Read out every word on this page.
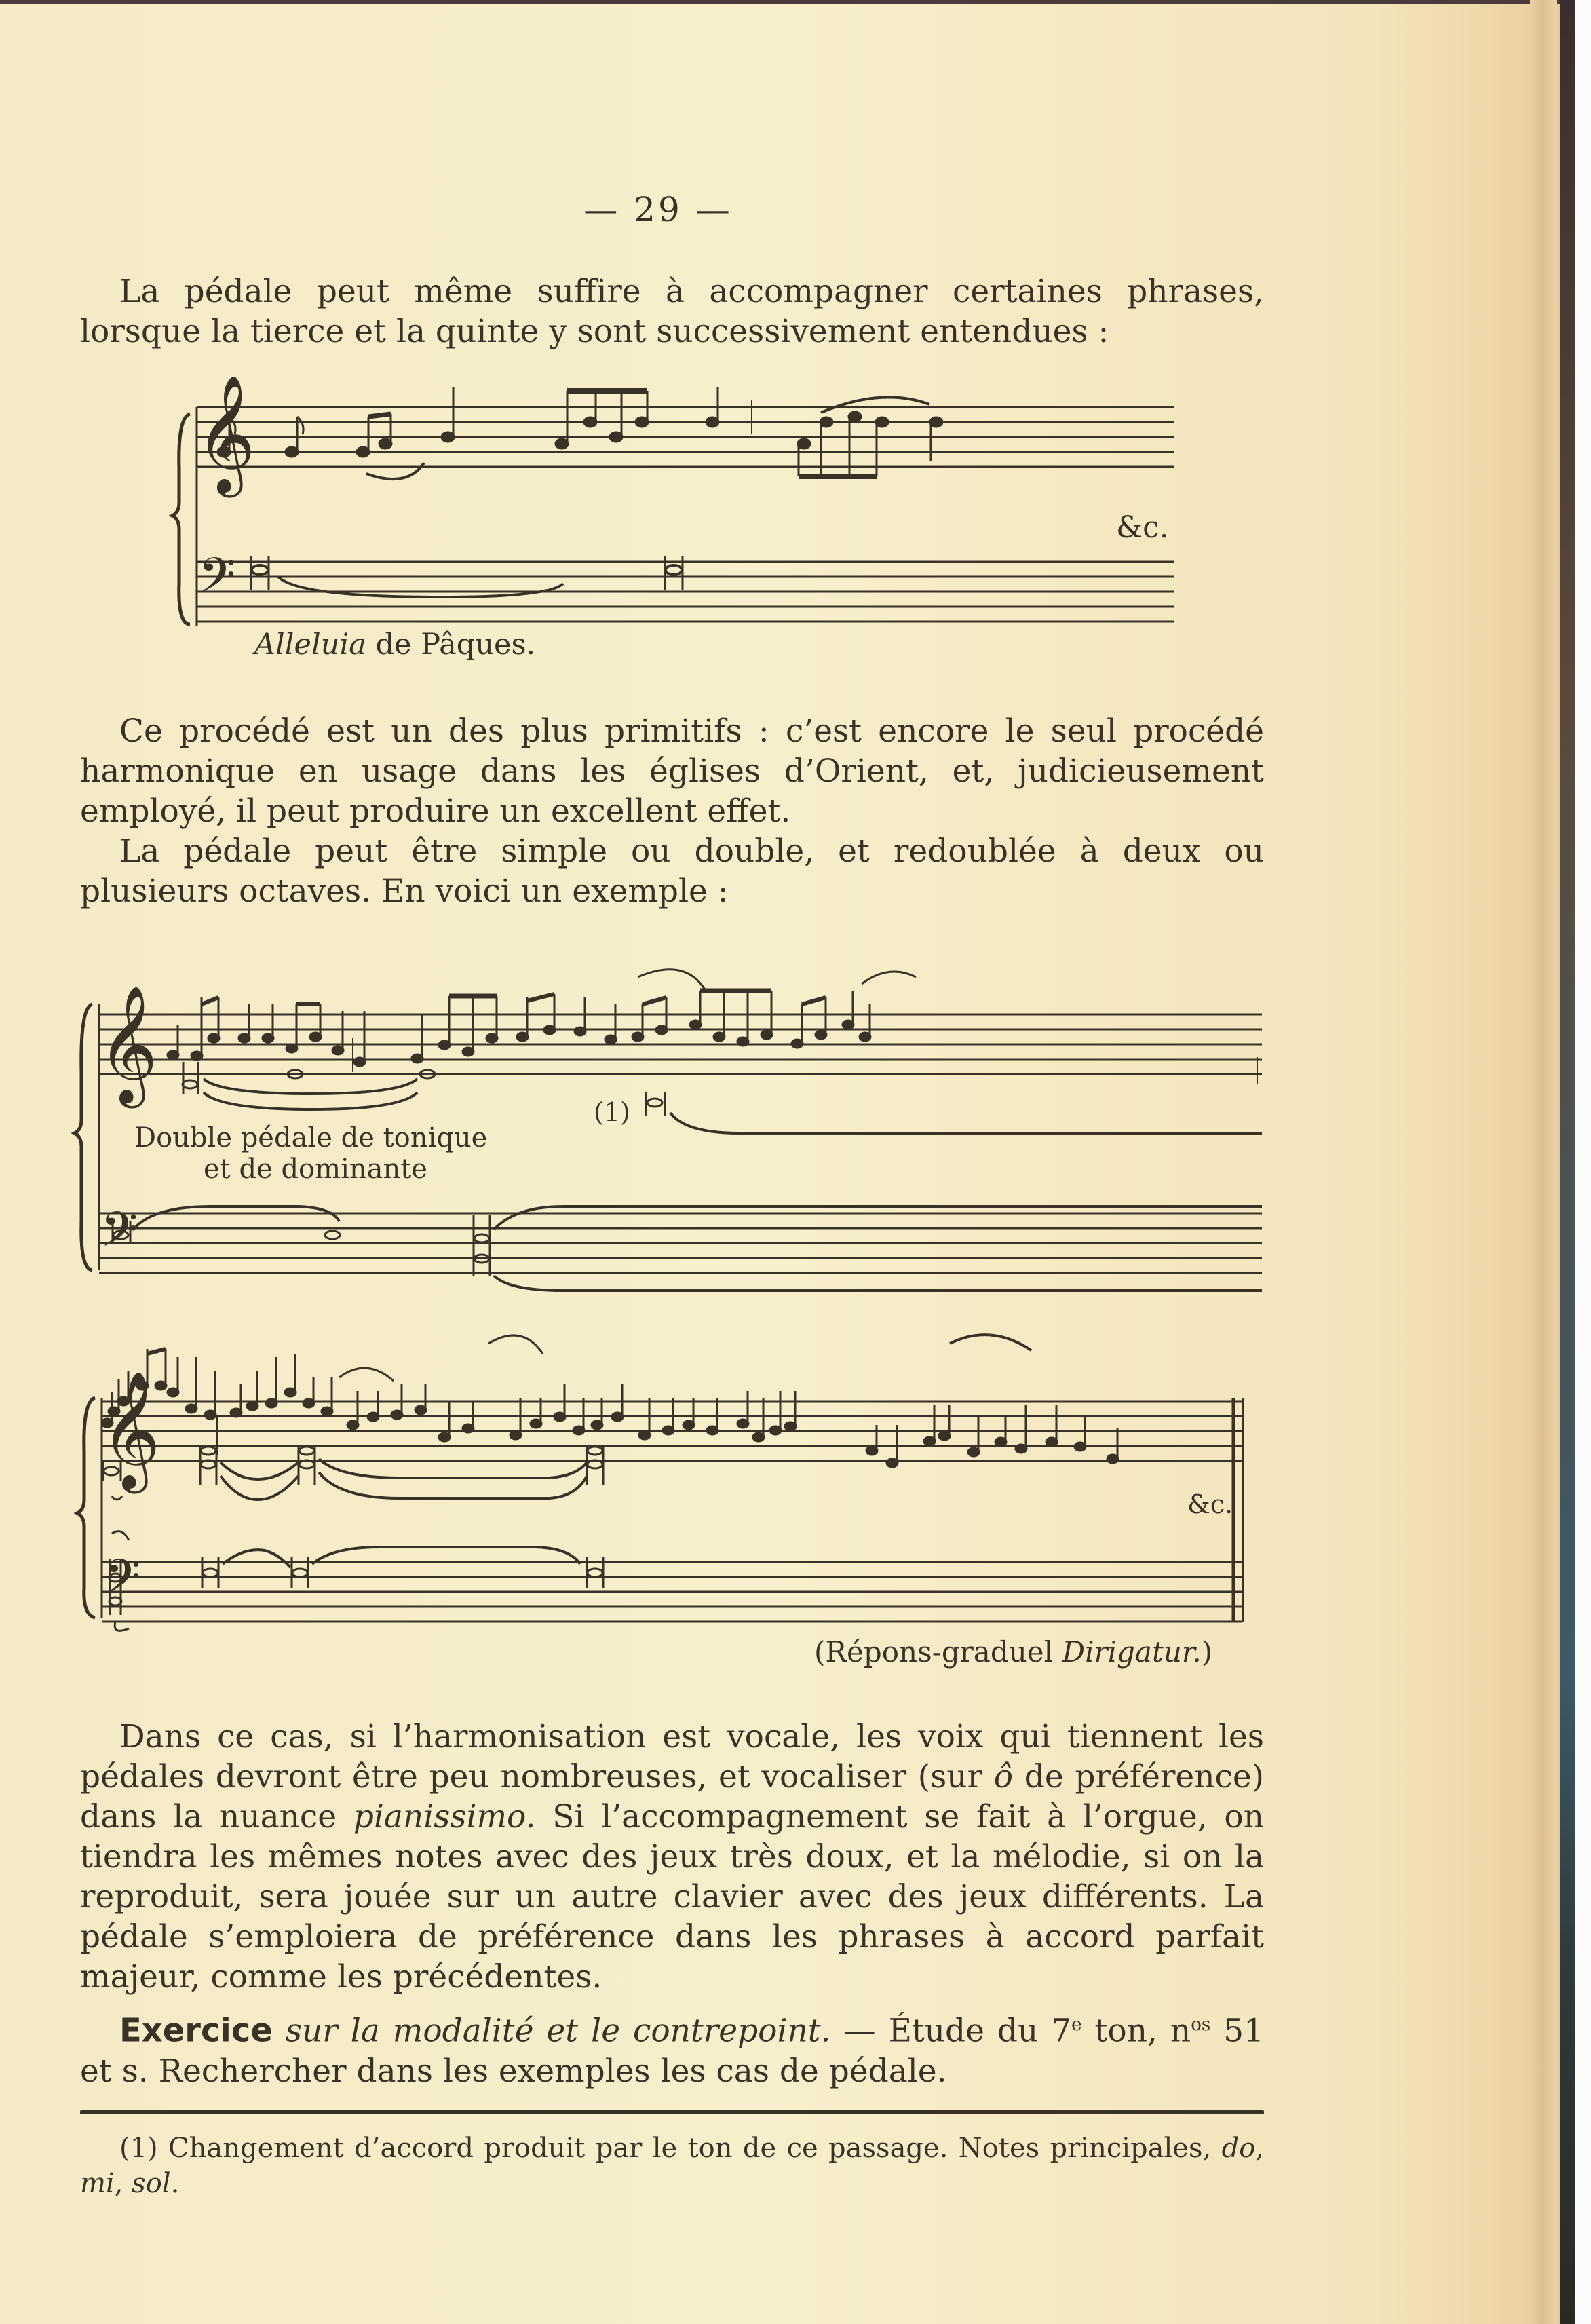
— 29 —
La pédale peut même suffire à accompagner certaines phrases, lorsque la tierce et la quinte y sont successivement entendues :
𝄞
𝄢
&c.
Alleluia de Pâques.
Ce procédé est un des plus primitifs : c’est encore le seul procédé harmonique en usage dans les églises d’Orient, et, judicieusement employé, il peut produire un excellent effet.
La pédale peut être simple ou double, et redoublée à deux ou plusieurs octaves. En voici un exemple :
𝄞
𝄢
(1)
Double pédale de tonique
et de dominante
𝄞
𝄢
&c.
(Répons-graduel Dirigatur.)
Dans ce cas, si l’harmonisation est vocale, les voix qui tiennent les pédales devront être peu nombreuses, et vocaliser (sur ô de préférence) dans la nuance pianissimo. Si l’accompagnement se fait à l’orgue, on tiendra les mêmes notes avec des jeux très doux, et la mélodie, si on la reproduit, sera jouée sur un autre clavier avec des jeux différents. La pédale s’emploiera de préférence dans les phrases à accord parfait majeur, comme les précédentes.
Exercice sur la modalité et le contrepoint. — Étude du 7e ton, $n^{os}$ 51 et s. Rechercher dans les exemples les cas de pédale.
(1) Changement d’accord produit par le ton de ce passage. Notes principales, do, mi, sol.
